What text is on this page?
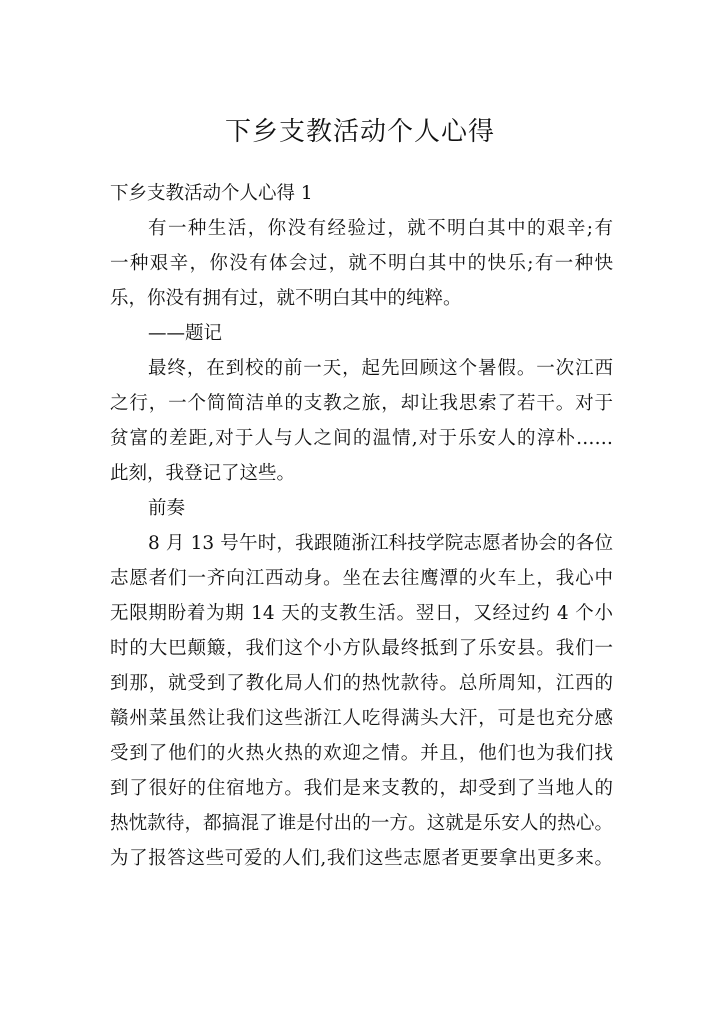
下乡支教活动个人心得

下乡支教活动个人心得 1

有一种生活，你没有经验过，就不明白其中的艰辛;有

一种艰辛，你没有体会过，就不明白其中的快乐;有一种快

乐，你没有拥有过，就不明白其中的纯粹。

——题记

最终，在到校的前一天，起先回顾这个暑假。一次江西

之行，一个简简洁单的支教之旅，却让我思索了若干。对于

贫富的差距,对于人与人之间的温情,对于乐安人的淳朴……

此刻，我登记了这些。

前奏

8 月 13 号午时，我跟随浙江科技学院志愿者协会的各位

志愿者们一齐向江西动身。坐在去往鹰潭的火车上，我心中

无限期盼着为期 14 天的支教生活。翌日，又经过约 4 个小

时的大巴颠簸，我们这个小方队最终抵到了乐安县。我们一

到那，就受到了教化局人们的热忱款待。总所周知，江西的

赣州菜虽然让我们这些浙江人吃得满头大汗，可是也充分感

受到了他们的火热火热的欢迎之情。并且，他们也为我们找

到了很好的住宿地方。我们是来支教的，却受到了当地人的

热忱款待，都搞混了谁是付出的一方。这就是乐安人的热心。

为了报答这些可爱的人们,我们这些志愿者更要拿出更多来。
